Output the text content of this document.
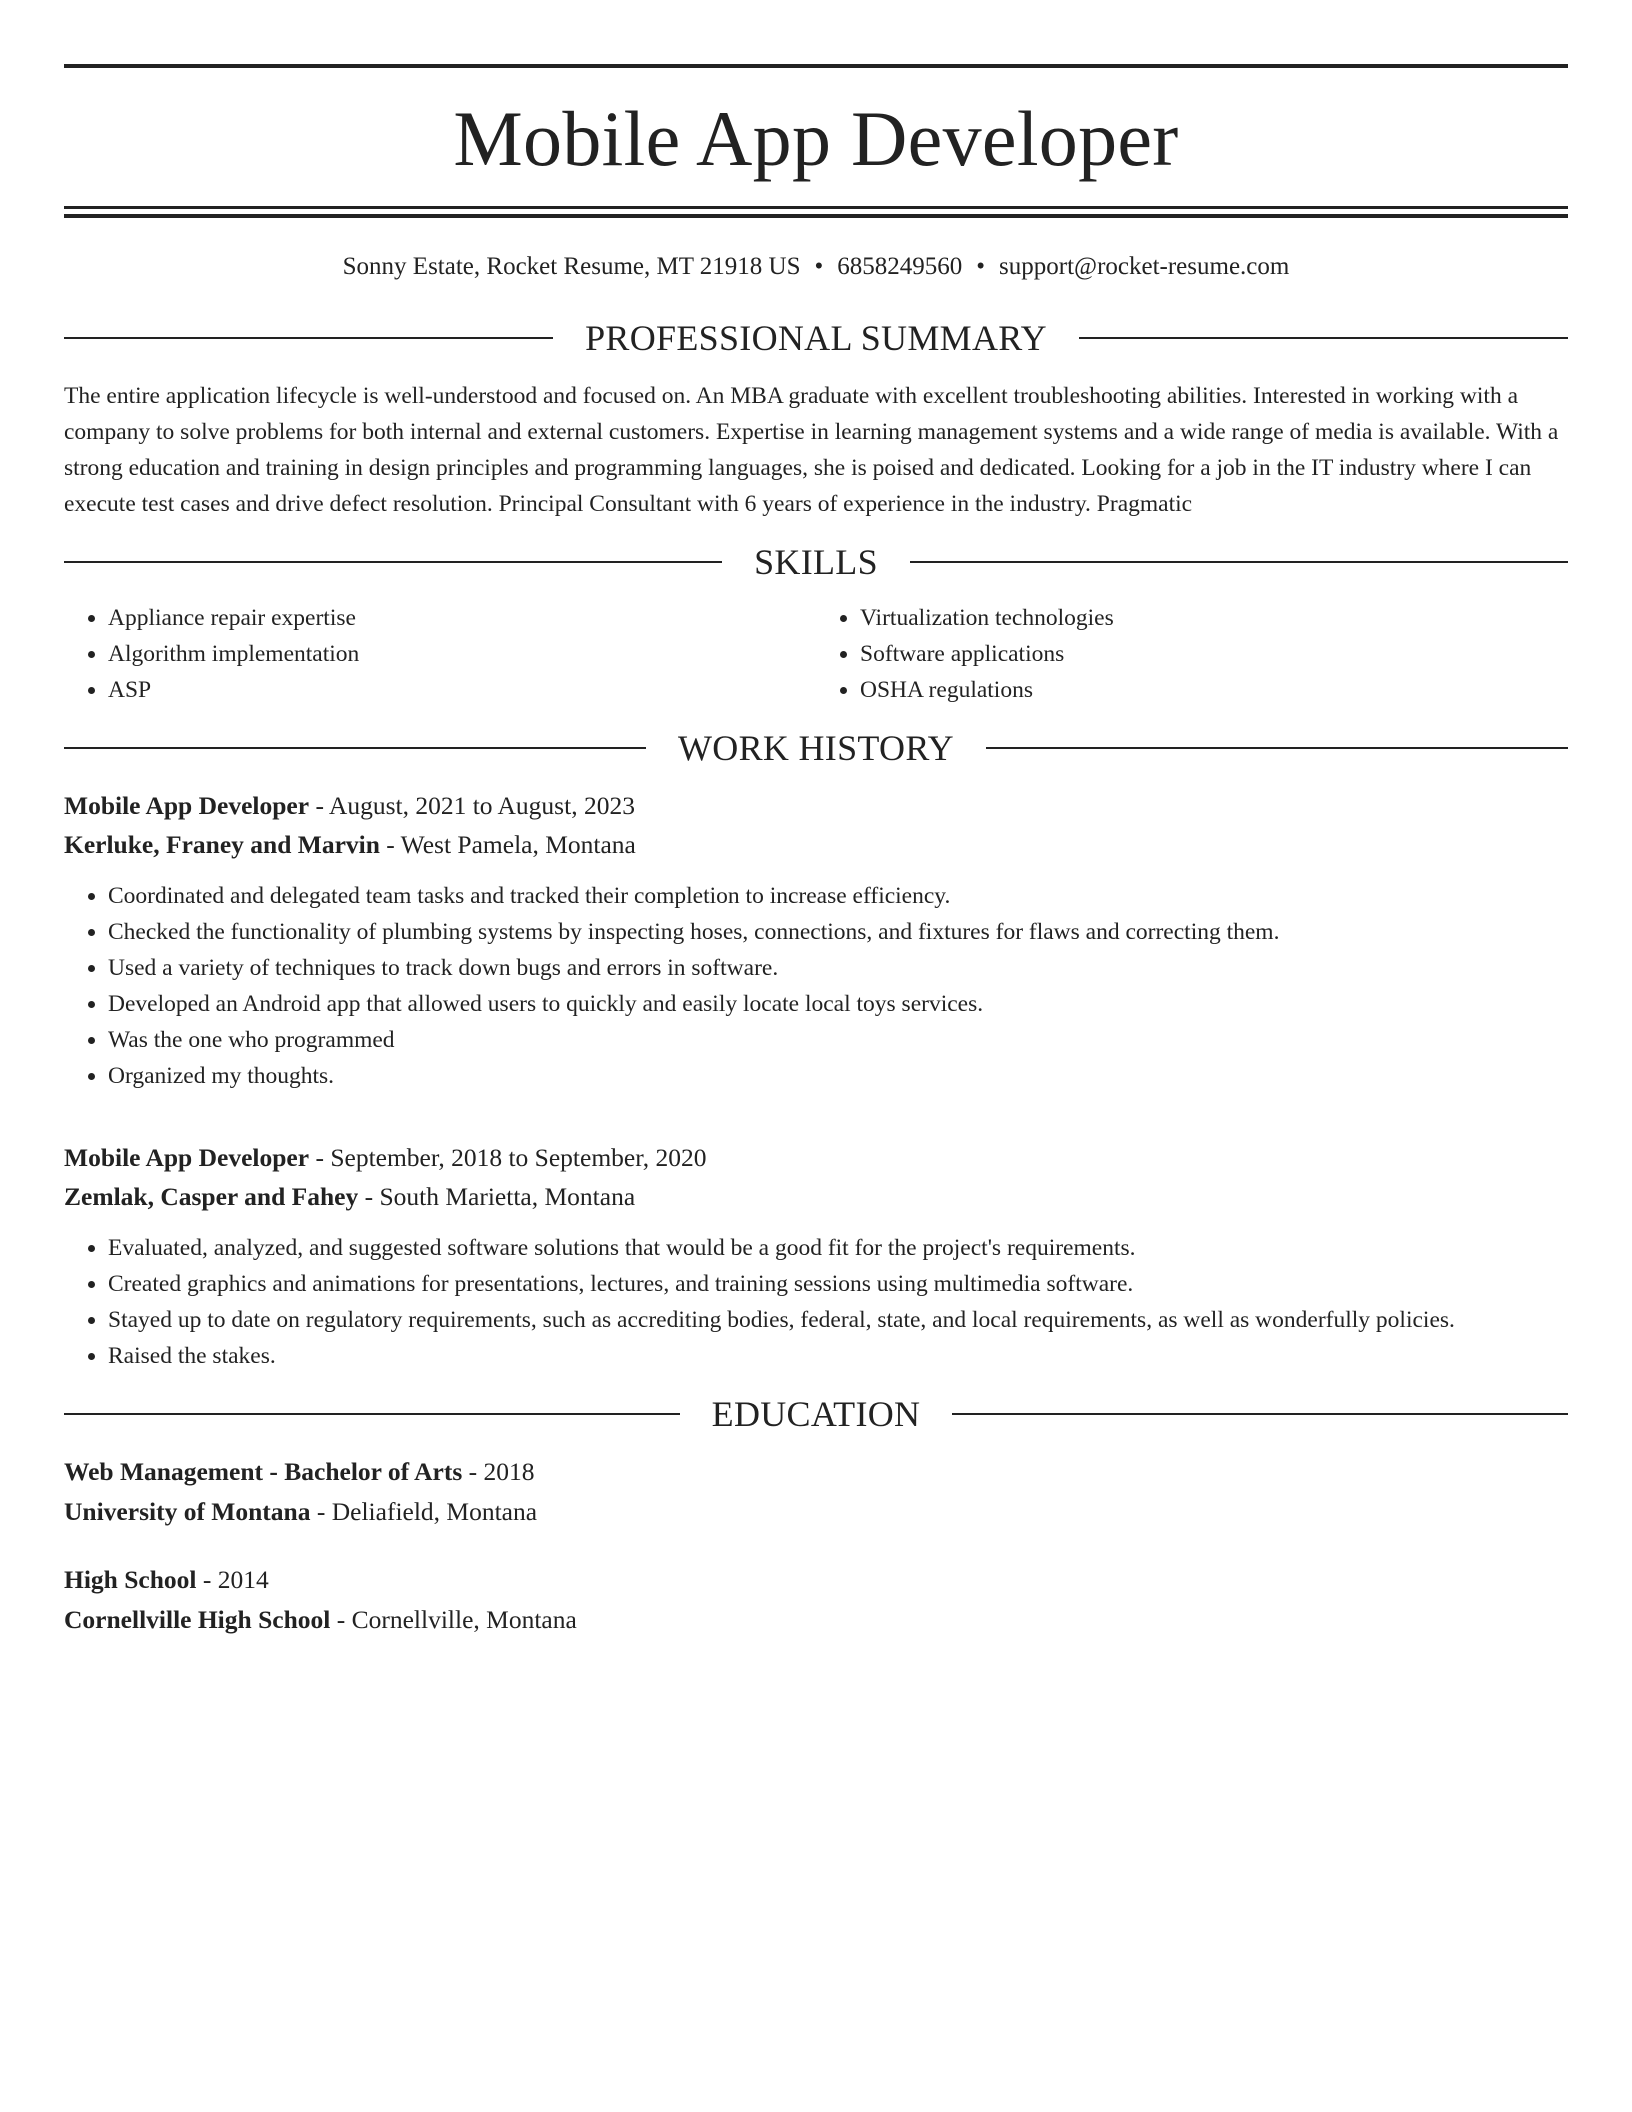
Mobile App Developer
Sonny Estate, Rocket Resume, MT 21918 US • 6858249560 • support@rocket-resume.com
PROFESSIONAL SUMMARY
The entire application lifecycle is well-understood and focused on. An MBA graduate with excellent troubleshooting abilities. Interested in working with a company to solve problems for both internal and external customers. Expertise in learning management systems and a wide range of media is available. With a strong education and training in design principles and programming languages, she is poised and dedicated. Looking for a job in the IT industry where I can execute test cases and drive defect resolution. Principal Consultant with 6 years of experience in the industry. Pragmatic
SKILLS
• Appliance repair expertise
• Algorithm implementation
• ASP
• Virtualization technologies
• Software applications
• OSHA regulations
WORK HISTORY
Mobile App Developer - August, 2021 to August, 2023
Kerluke, Franey and Marvin - West Pamela, Montana
• Coordinated and delegated team tasks and tracked their completion to increase efficiency.
• Checked the functionality of plumbing systems by inspecting hoses, connections, and fixtures for flaws and correcting them.
• Used a variety of techniques to track down bugs and errors in software.
• Developed an Android app that allowed users to quickly and easily locate local toys services.
• Was the one who programmed
• Organized my thoughts.
Mobile App Developer - September, 2018 to September, 2020
Zemlak, Casper and Fahey - South Marietta, Montana
• Evaluated, analyzed, and suggested software solutions that would be a good fit for the project's requirements.
• Created graphics and animations for presentations, lectures, and training sessions using multimedia software.
• Stayed up to date on regulatory requirements, such as accrediting bodies, federal, state, and local requirements, as well as wonderfully policies.
• Raised the stakes.
EDUCATION
Web Management - Bachelor of Arts - 2018
University of Montana - Deliafield, Montana
High School - 2014
Cornellville High School - Cornellville, Montana
